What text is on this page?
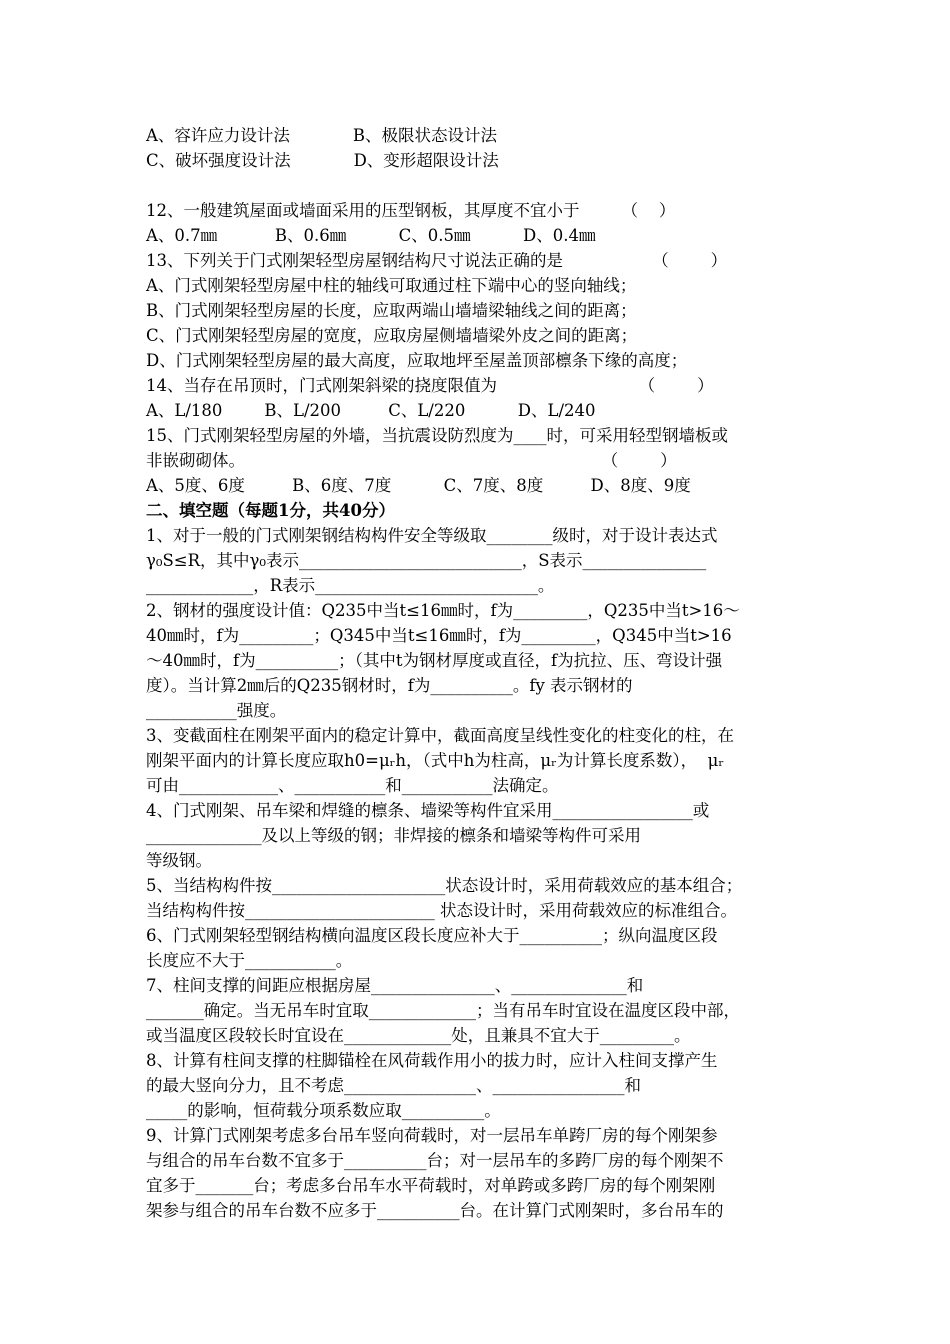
A、容许应力设计法            B、极限状态设计法
C、破坏强度设计法            D、变形超限设计法
12、一般建筑屋面或墙面采用的压型钢板，其厚度不宜小于        （    ）
A、0.7㎜           B、0.6㎜          C、0.5㎜          D、0.4㎜
13、下列关于门式刚架轻型房屋钢结构尺寸说法正确的是                 （        ）
A、门式刚架轻型房屋中柱的轴线可取通过柱下端中心的竖向轴线；
B、门式刚架轻型房屋的长度，应取两端山墙墙梁轴线之间的距离；
C、门式刚架轻型房屋的宽度，应取房屋侧墙墙梁外皮之间的距离；
D、门式刚架轻型房屋的最大高度，应取地坪至屋盖顶部檩条下缘的高度；
14、当存在吊顶时，门式刚架斜梁的挠度限值为                           （        ）
A、L/180        B、L/200         C、L/220          D、L/240
15、门式刚架轻型房屋的外墙，当抗震设防烈度为____时，可采用轻型钢墙板或
非嵌砌砌体。                                                                    （        ）
A、5度、6度         B、6度、7度          C、7度、8度         D、8度、9度
二、填空题（每题1分，共40分）
1、对于一般的门式刚架钢结构构件安全等级取________级时，对于设计表达式
γ₀S≤R，其中γ₀表示___________________________，S表示_______________
_____________，R表示___________________________。
2、钢材的强度设计值：Q235中当t≤16㎜时，f为_________，Q235中当t>16～
40㎜时，f为_________；Q345中当t≤16㎜时，f为_________，Q345中当t>16
～40㎜时，f为__________；（其中t为钢材厚度或直径，f为抗拉、压、弯设计强
度）。当计算2㎜后的Q235钢材时，f为__________。fy 表示钢材的
___________强度。
3、变截面柱在刚架平面内的稳定计算中，截面高度呈线性变化的柱变化的柱，在
刚架平面内的计算长度应取h0=μᵣh，（式中h为柱高，μᵣ为计算长度系数），  μᵣ
可由____________、___________和___________法确定。
4、门式刚架、吊车梁和焊缝的檩条、墙梁等构件宜采用_________________或
______________及以上等级的钢；非焊接的檩条和墙梁等构件可采用
等级钢。
5、当结构构件按_____________________状态设计时，采用荷载效应的基本组合；
当结构构件按_______________________ 状态设计时，采用荷载效应的标准组合。
6、门式刚架轻型钢结构横向温度区段长度应补大于__________；纵向温度区段
长度应不大于___________。
7、柱间支撑的间距应根据房屋_______________、______________和
_______确定。当无吊车时宜取_____________；当有吊车时宜设在温度区段中部，
或当温度区段较长时宜设在_____________处，且兼具不宜大于_________。
8、计算有柱间支撑的柱脚锚栓在风荷载作用小的拔力时，应计入柱间支撑产生
的最大竖向分力，且不考虑________________、________________和
_____的影响，恒荷载分项系数应取__________。
9、计算门式刚架考虑多台吊车竖向荷载时，对一层吊车单跨厂房的每个刚架参
与组合的吊车台数不宜多于__________台；对一层吊车的多跨厂房的每个刚架不
宜多于_______台；考虑多台吊车水平荷载时，对单跨或多跨厂房的每个刚架刚
架参与组合的吊车台数不应多于__________台。在计算门式刚架时，多台吊车的
